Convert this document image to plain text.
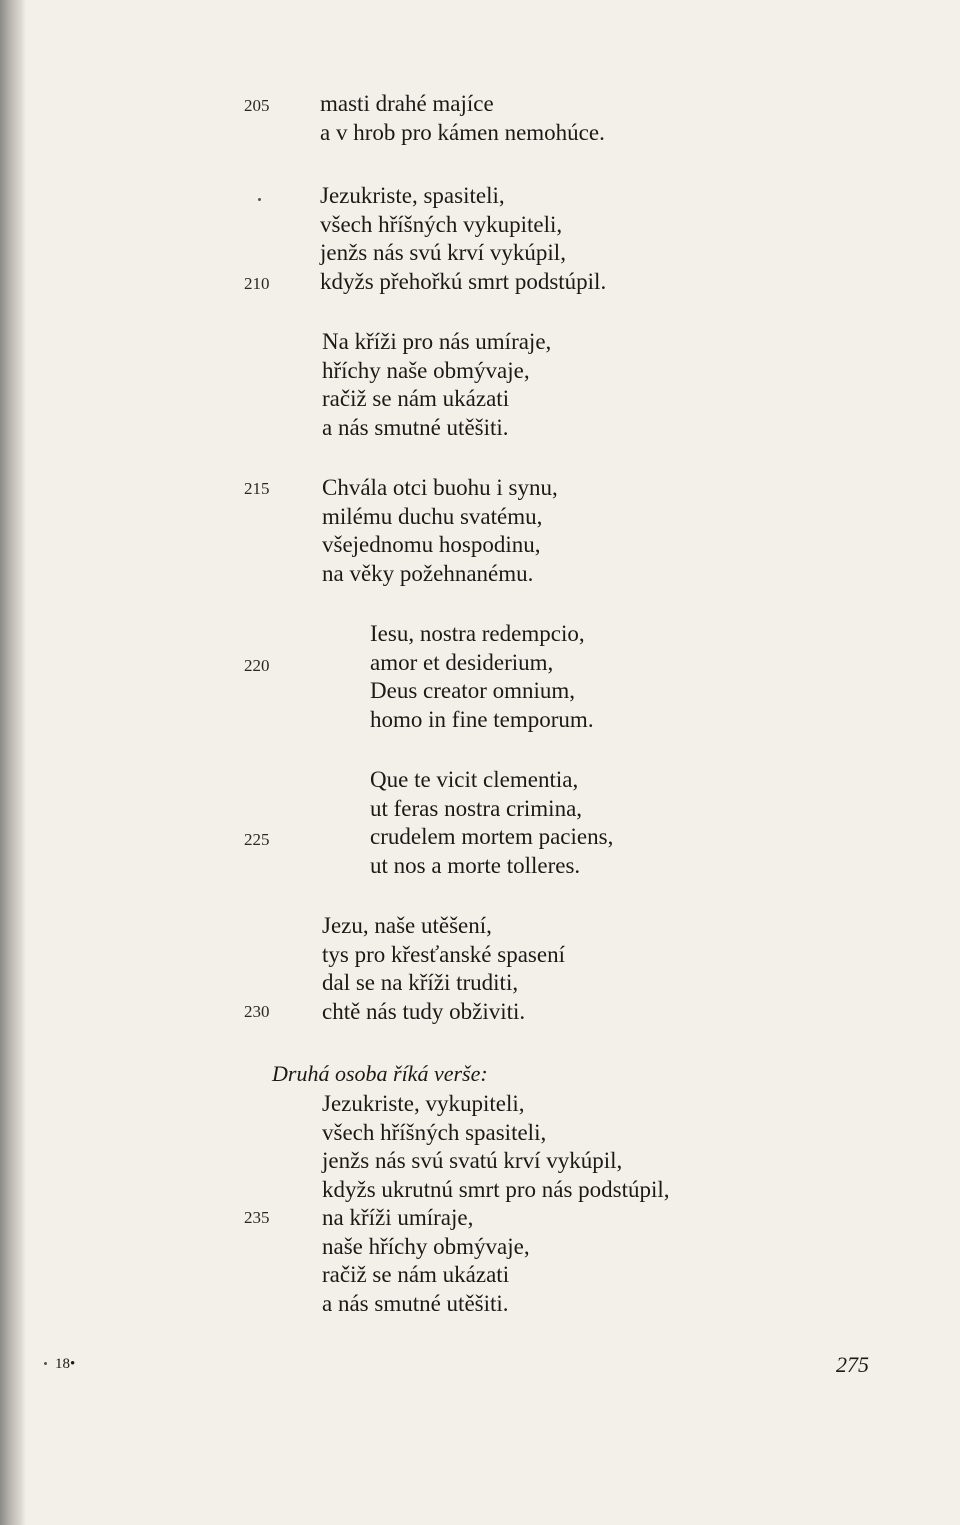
205
210
215
220
225
230
235
masti drahé majíce
a v hrob pro kámen nemohúce.
Jezukriste, spasiteli,
všech hříšných vykupiteli,
jenžs nás svú krví vykúpil,
kdyžs přehořkú smrt podstúpil.
Na kříži pro nás umíraje,
hříchy naše obmývaje,
račiž se nám ukázati
a nás smutné utěšiti.
Chvála otci buohu i synu,
milému duchu svatému,
všejednomu hospodinu,
na věky požehnanému.
Iesu, nostra redempcio,
amor et desiderium,
Deus creator omnium,
homo in fine temporum.
Que te vicit clementia,
ut feras nostra crimina,
crudelem mortem paciens,
ut nos a morte tolleres.
Jezu, naše utěšení,
tys pro křesťanské spasení
dal se na kříži truditi,
chtě nás tudy obživiti.
Druhá osoba říká verše:
Jezukriste, vykupiteli,
všech hříšných spasiteli,
jenžs nás svú svatú krví vykúpil,
kdyžs ukrutnú smrt pro nás podstúpil,
na kříži umíraje,
naše hříchy obmývaje,
račiž se nám ukázati
a nás smutné utěšiti.
18•	275
